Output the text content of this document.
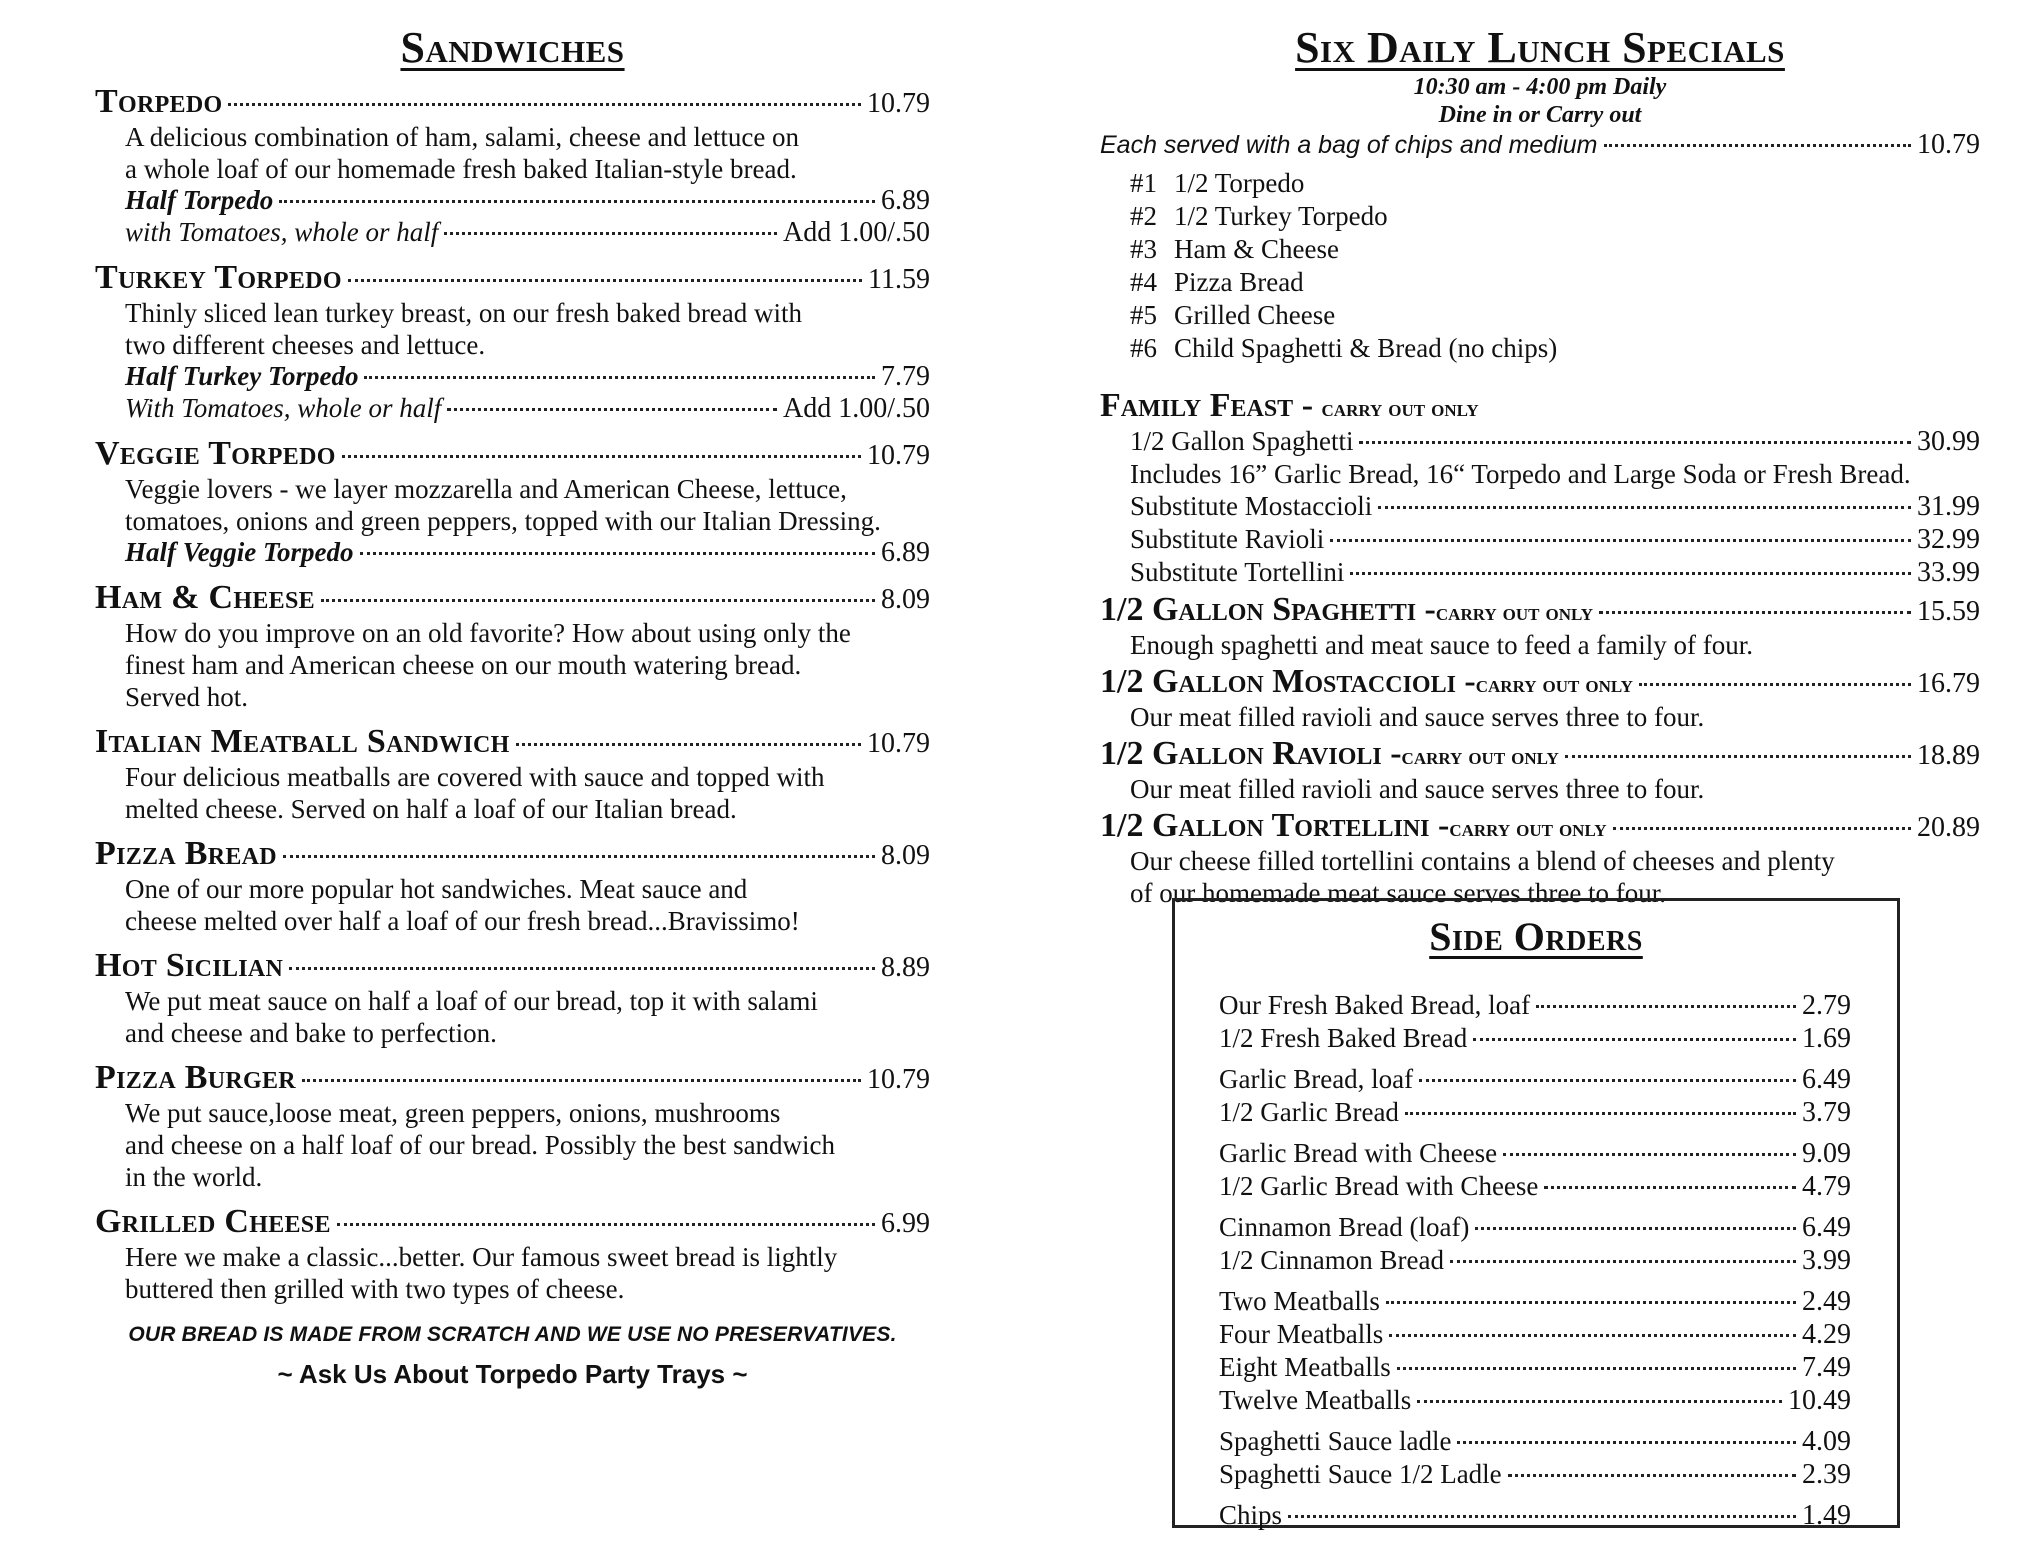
Sandwiches
Torpedo	10.79
A delicious combination of ham, salami, cheese and lettuce on
a whole loaf of our homemade fresh baked Italian-style bread.
Half Torpedo	6.89
with Tomatoes, whole or half	Add 1.00/.50
Turkey Torpedo	11.59
Thinly sliced lean turkey breast, on our fresh baked bread with
two different cheeses and lettuce.
Half Turkey Torpedo	7.79
With Tomatoes, whole or half	Add 1.00/.50
Veggie Torpedo	10.79
Veggie lovers - we layer mozzarella and American Cheese, lettuce,
tomatoes, onions and green peppers, topped with our Italian Dressing.
Half Veggie Torpedo	6.89
Ham & Cheese	8.09
How do you improve on an old favorite? How about using only the
finest ham and American cheese on our mouth watering bread.
Served hot.
Italian Meatball Sandwich	10.79
Four delicious meatballs are covered with sauce and topped with
melted cheese. Served on half a loaf of our Italian bread.
Pizza Bread	8.09
One of our more popular hot sandwiches. Meat sauce and
cheese melted over half a loaf of our fresh bread...Bravissimo!
Hot Sicilian	8.89
We put meat sauce on half a loaf of our bread, top it with salami
and cheese and bake to perfection.
Pizza Burger	10.79
We put sauce,loose meat, green peppers, onions, mushrooms
and cheese on a half loaf of our bread. Possibly the best sandwich
in the world.
Grilled Cheese	6.99
Here we make a classic...better. Our famous sweet bread is lightly
buttered then grilled with two types of cheese.
OUR BREAD IS MADE FROM SCRATCH AND WE USE NO PRESERVATIVES.
~ Ask Us About Torpedo Party Trays ~
Six Daily Lunch Specials
10:30 am - 4:00 pm Daily
Dine in or Carry out
Each served with a bag of chips and medium	10.79
#1 1/2 Torpedo
#2 1/2 Turkey Torpedo
#3 Ham & Cheese
#4 Pizza Bread
#5 Grilled Cheese
#6 Child Spaghetti & Bread (no chips)
Family Feast - carry out only
1/2 Gallon Spaghetti	30.99
Includes 16” Garlic Bread, 16“ Torpedo and Large Soda or Fresh Bread.
Substitute Mostaccioli	31.99
Substitute Ravioli	32.99
Substitute Tortellini	33.99
1/2 Gallon Spaghetti - carry out only	15.59
Enough spaghetti and meat sauce to feed a family of four.
1/2 Gallon Mostaccioli - carry out only	16.79
Our meat filled ravioli and sauce serves three to four.
1/2 Gallon Ravioli - carry out only	18.89
Our meat filled ravioli and sauce serves three to four.
1/2 Gallon Tortellini - carry out only	20.89
Our cheese filled tortellini contains a blend of cheeses and plenty
of our homemade meat sauce serves three to four.
Side Orders
Our Fresh Baked Bread, loaf	2.79
1/2 Fresh Baked Bread	1.69
Garlic Bread, loaf	6.49
1/2 Garlic Bread	3.79
Garlic Bread with Cheese	9.09
1/2 Garlic Bread with Cheese	4.79
Cinnamon Bread (loaf)	6.49
1/2 Cinnamon Bread	3.99
Two Meatballs	2.49
Four Meatballs	4.29
Eight Meatballs	7.49
Twelve Meatballs	10.49
Spaghetti Sauce ladle	4.09
Spaghetti Sauce 1/2 Ladle	2.39
Chips	1.49
